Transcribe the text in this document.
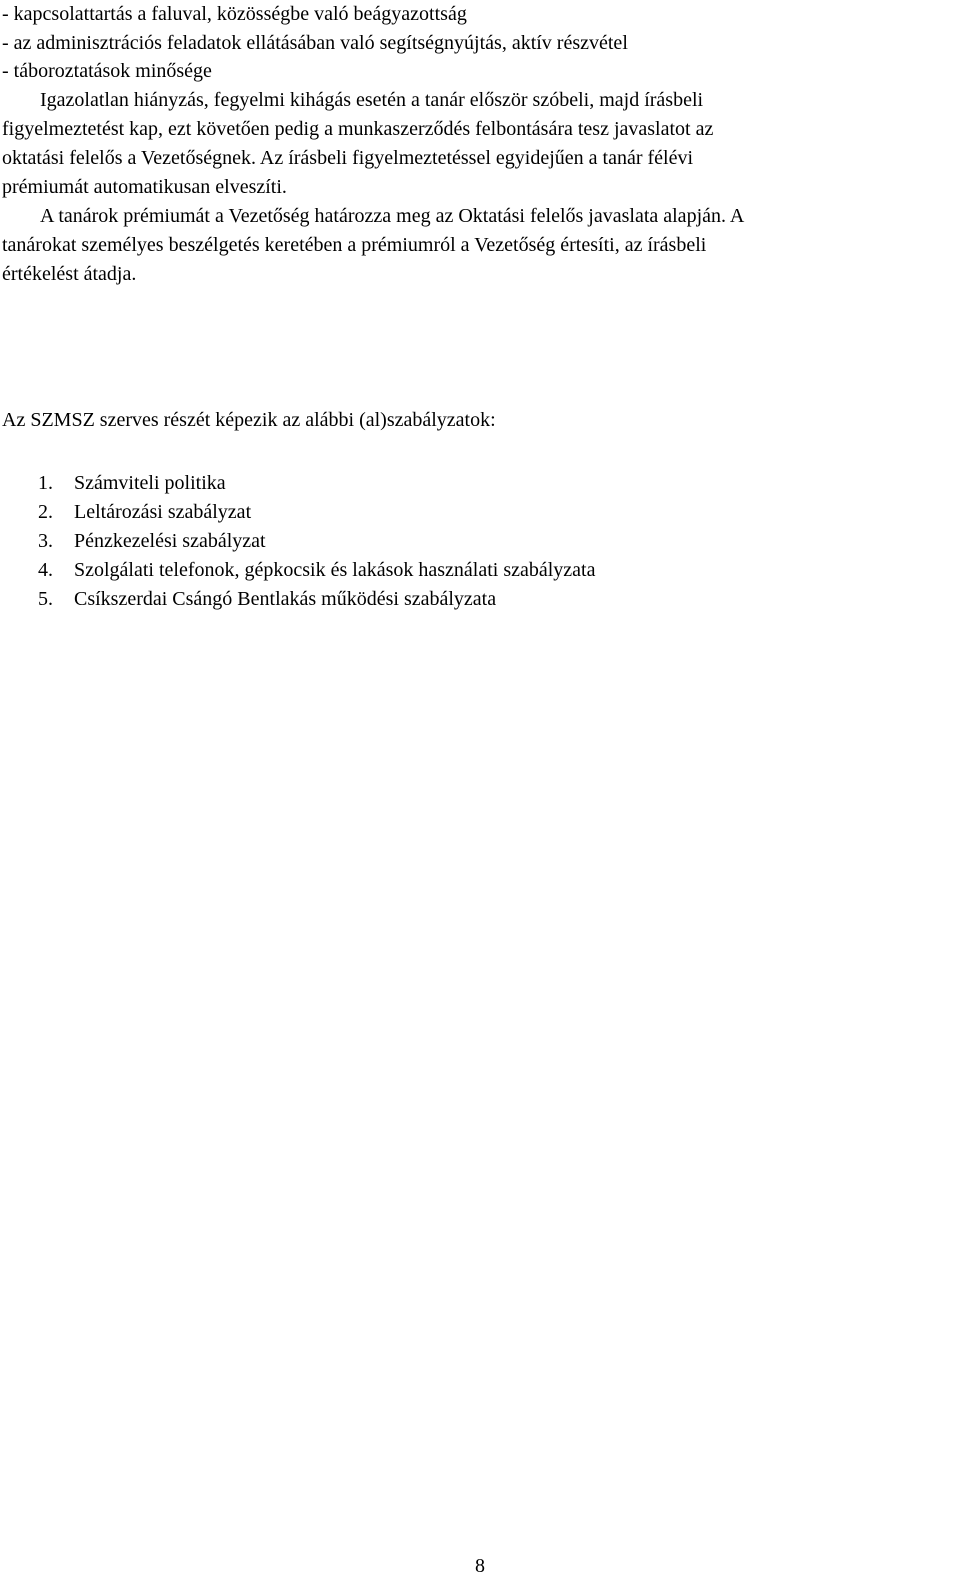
- kapcsolattartás a faluval, közösségbe való beágyazottság
- az adminisztrációs feladatok ellátásában való segítségnyújtás, aktív részvétel
- táboroztatások minősége
Igazolatlan hiányzás, fegyelmi kihágás esetén a tanár először szóbeli, majd írásbeli
figyelmeztetést kap, ezt követően pedig a munkaszerződés felbontására tesz javaslatot az
oktatási felelős a Vezetőségnek. Az írásbeli figyelmeztetéssel egyidejűen a tanár félévi
prémiumát automatikusan elveszíti.
A tanárok prémiumát a Vezetőség határozza meg az Oktatási felelős javaslata alapján. A
tanárokat személyes beszélgetés keretében a prémiumról a Vezetőség értesíti, az írásbeli
értékelést átadja.
Az SZMSZ szerves részét képezik az alábbi (al)szabályzatok:
1. Számviteli politika
2. Leltározási szabályzat
3. Pénzkezelési szabályzat
4. Szolgálati telefonok, gépkocsik és lakások használati szabályzata
5. Csíkszerdai Csángó Bentlakás működési szabályzata
8
